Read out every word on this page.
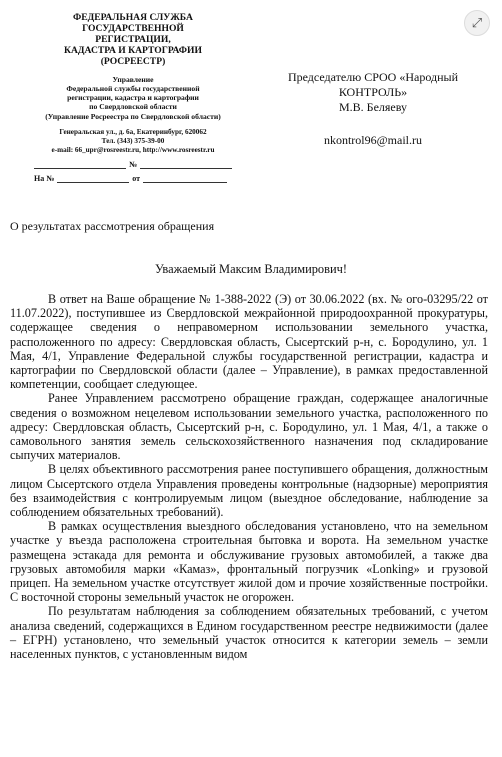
⤢
ФЕДЕРАЛЬНАЯ СЛУЖБА
ГОСУДАРСТВЕННОЙ
РЕГИСТРАЦИИ,
КАДАСТРА И КАРТОГРАФИИ
(РОСРЕЕСТР)
Управление
Федеральной службы государственной
регистрации, кадастра и картографии
по Свердловской области
(Управление Росреестра по Свердловской области)
Генеральская ул., д. 6а, Екатеринбург, 620062
Тел. (343) 375-39-00
e-mail: 66_upr@rosreestr.ru, http://www.rosreestr.ru
№
На №	от
Председателю СРОО «Народный
КОНТРОЛЬ»
М.В. Беляеву
nkontrol96@mail.ru
О результатах рассмотрения обращения
Уважаемый Максим Владимирович!

В ответ на Ваше обращение № 1-388-2022 (Э) от 30.06.2022 (вх. № ого-03295/22 от 11.07.2022), поступившее из Свердловской межрайонной природоохранной прокуратуры, содержащее сведения о неправомерном использовании земельного участка, расположенного по адресу: Свердловская область, Сысертский р-н, с. Бородулино, ул. 1 Мая, 4/1, Управление Федеральной службы государственной регистрации, кадастра и картографии по Свердловской области (далее – Управление), в рамках предоставленной компетенции, сообщает следующее.

Ранее Управлением рассмотрено обращение граждан, содержащее аналогичные сведения о возможном нецелевом использовании земельного участка, расположенного по адресу: Свердловская область, Сысертский р-н, с. Бородулино, ул. 1 Мая, 4/1, а также о самовольного занятия земель сельскохозяйственного назначения под складирование сыпучих материалов.

В целях объективного рассмотрения ранее поступившего обращения, должностным лицом Сысертского отдела Управления проведены контрольные (надзорные) мероприятия без взаимодействия с контролируемым лицом (выездное обследование, наблюдение за соблюдением обязательных требований).

В рамках осуществления выездного обследования установлено, что на земельном участке у въезда расположена строительная бытовка и ворота. На земельном участке размещена эстакада для ремонта и обслуживание грузовых автомобилей, а также два грузовых автомобиля марки «Камаз», фронтальный погрузчик «Lonking» и грузовой прицеп. На земельном участке отсутствует жилой дом и прочие хозяйственные постройки. С восточной стороны земельный участок не огорожен.

По результатам наблюдения за соблюдением обязательных требований, с учетом анализа сведений, содержащихся в Едином государственном реестре недвижимости (далее – ЕГРН) установлено, что земельный участок относится к категории земель – земли населенных пунктов, с установленным видом
